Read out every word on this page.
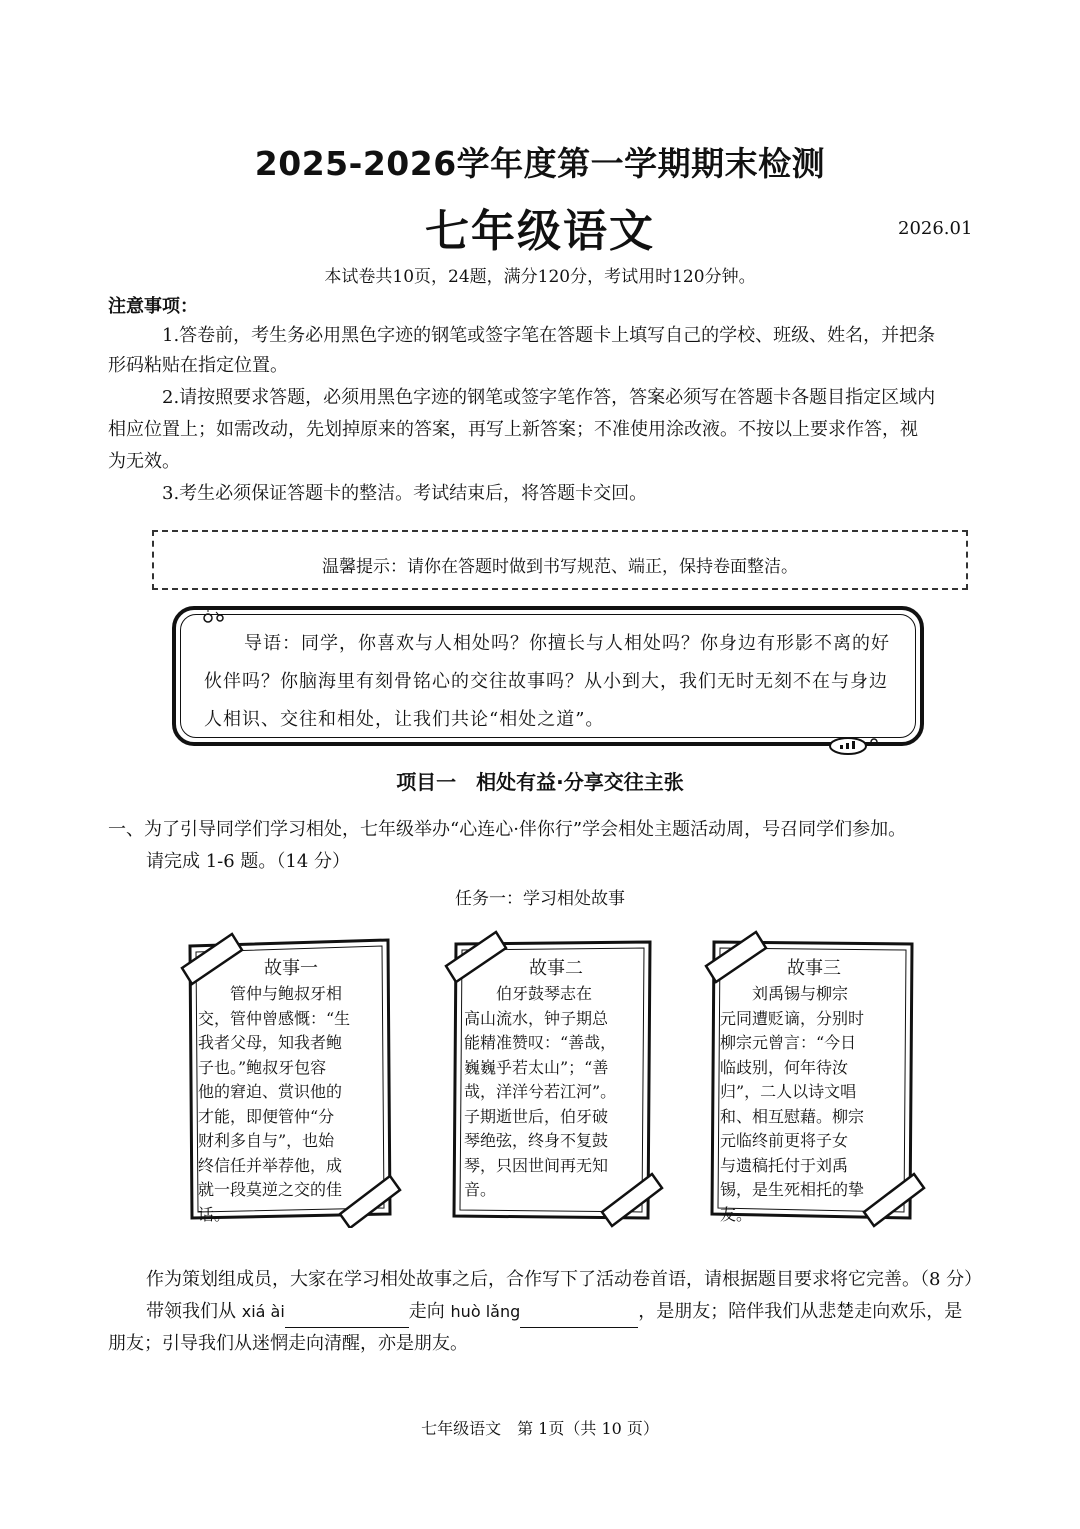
2025-2026学年度第一学期期末检测
七年级语文	2026.01
本试卷共10页，24题，满分120分，考试用时120分钟。
注意事项：
1.答卷前，考生务必用黑色字迹的钢笔或签字笔在答题卡上填写自己的学校、班级、姓名，并把条
形码粘贴在指定位置。
2.请按照要求答题，必须用黑色字迹的钢笔或签字笔作答，答案必须写在答题卡各题目指定区域内
相应位置上；如需改动，先划掉原来的答案，再写上新答案；不准使用涂改液。不按以上要求作答，视
为无效。
3.考生必须保证答题卡的整洁。考试结束后，将答题卡交回。
温馨提示：请你在答题时做到书写规范、端正，保持卷面整洁。
导语：同学，你喜欢与人相处吗？你擅长与人相处吗？你身边有形影不离的好
伙伴吗？你脑海里有刻骨铭心的交往故事吗？从小到大，我们无时无刻不在与身边
人相识、交往和相处，让我们共论“相处之道”。
项目一　相处有益·分享交往主张
一、为了引导同学们学习相处，七年级举办“心连心·伴你行”学会相处主题活动周，号召同学们参加。
请完成 1-6 题。（14 分）
任务一：学习相处故事
故事一
管仲与鲍叔牙相
交，管仲曾感慨：“生
我者父母，知我者鲍
子也。”鲍叔牙包容
他的窘迫、赏识他的
才能，即便管仲“分
财利多自与”，也始
终信任并举荐他，成
就一段莫逆之交的佳
话。
故事二
伯牙鼓琴志在
高山流水，钟子期总
能精准赞叹：“善哉，
巍巍乎若太山”；“善
哉，洋洋兮若江河”。
子期逝世后，伯牙破
琴绝弦，终身不复鼓
琴，只因世间再无知
音。
故事三
刘禹锡与柳宗
元同遭贬谪，分别时
柳宗元曾言：“今日
临歧别，何年待汝
归”，二人以诗文唱
和、相互慰藉。柳宗
元临终前更将子女
与遗稿托付于刘禹
锡，是生死相托的挚
友。
作为策划组成员，大家在学习相处故事之后，合作写下了活动卷首语，请根据题目要求将它完善。（8 分）
带领我们从 xiá ài	走向 huò lǎng	，是朋友；陪伴我们从悲楚走向欢乐，是
朋友；引导我们从迷惘走向清醒，亦是朋友。
七年级语文　第 1页（共 10 页）
